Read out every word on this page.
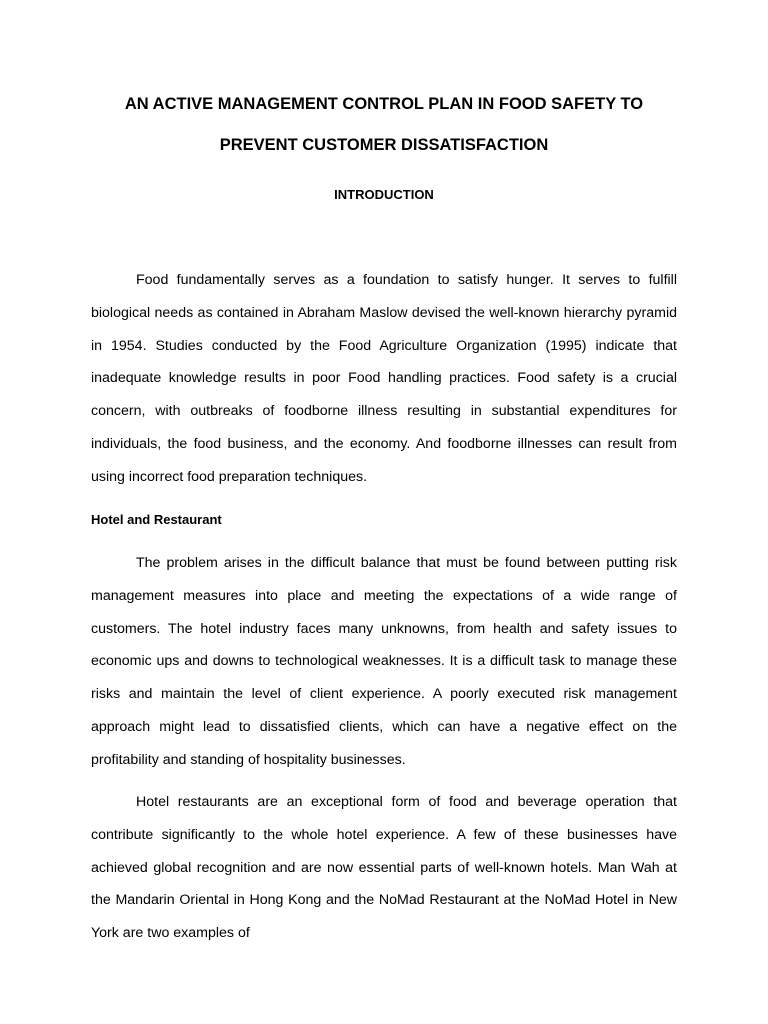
AN ACTIVE MANAGEMENT CONTROL PLAN IN FOOD SAFETY TO
PREVENT CUSTOMER DISSATISFACTION
INTRODUCTION

Food fundamentally serves as a foundation to satisfy hunger. It serves to fulfill biological needs as contained in Abraham Maslow devised the well-known hierarchy pyramid in 1954. Studies conducted by the Food Agriculture Organization (1995) indicate that inadequate knowledge results in poor Food handling practices. Food safety is a crucial concern, with outbreaks of foodborne illness resulting in substantial expenditures for individuals, the food business, and the economy. And foodborne illnesses can result from using incorrect food preparation techniques.

Hotel and Restaurant

The problem arises in the difficult balance that must be found between putting risk management measures into place and meeting the expectations of a wide range of customers. The hotel industry faces many unknowns, from health and safety issues to economic ups and downs to technological weaknesses. It is a difficult task to manage these risks and maintain the level of client experience. A poorly executed risk management approach might lead to dissatisfied clients, which can have a negative effect on the profitability and standing of hospitality businesses.

Hotel restaurants are an exceptional form of food and beverage operation that contribute significantly to the whole hotel experience. A few of these businesses have achieved global recognition and are now essential parts of well-known hotels. Man Wah at the Mandarin Oriental in Hong Kong and the NoMad Restaurant at the NoMad Hotel in New York are two examples of
